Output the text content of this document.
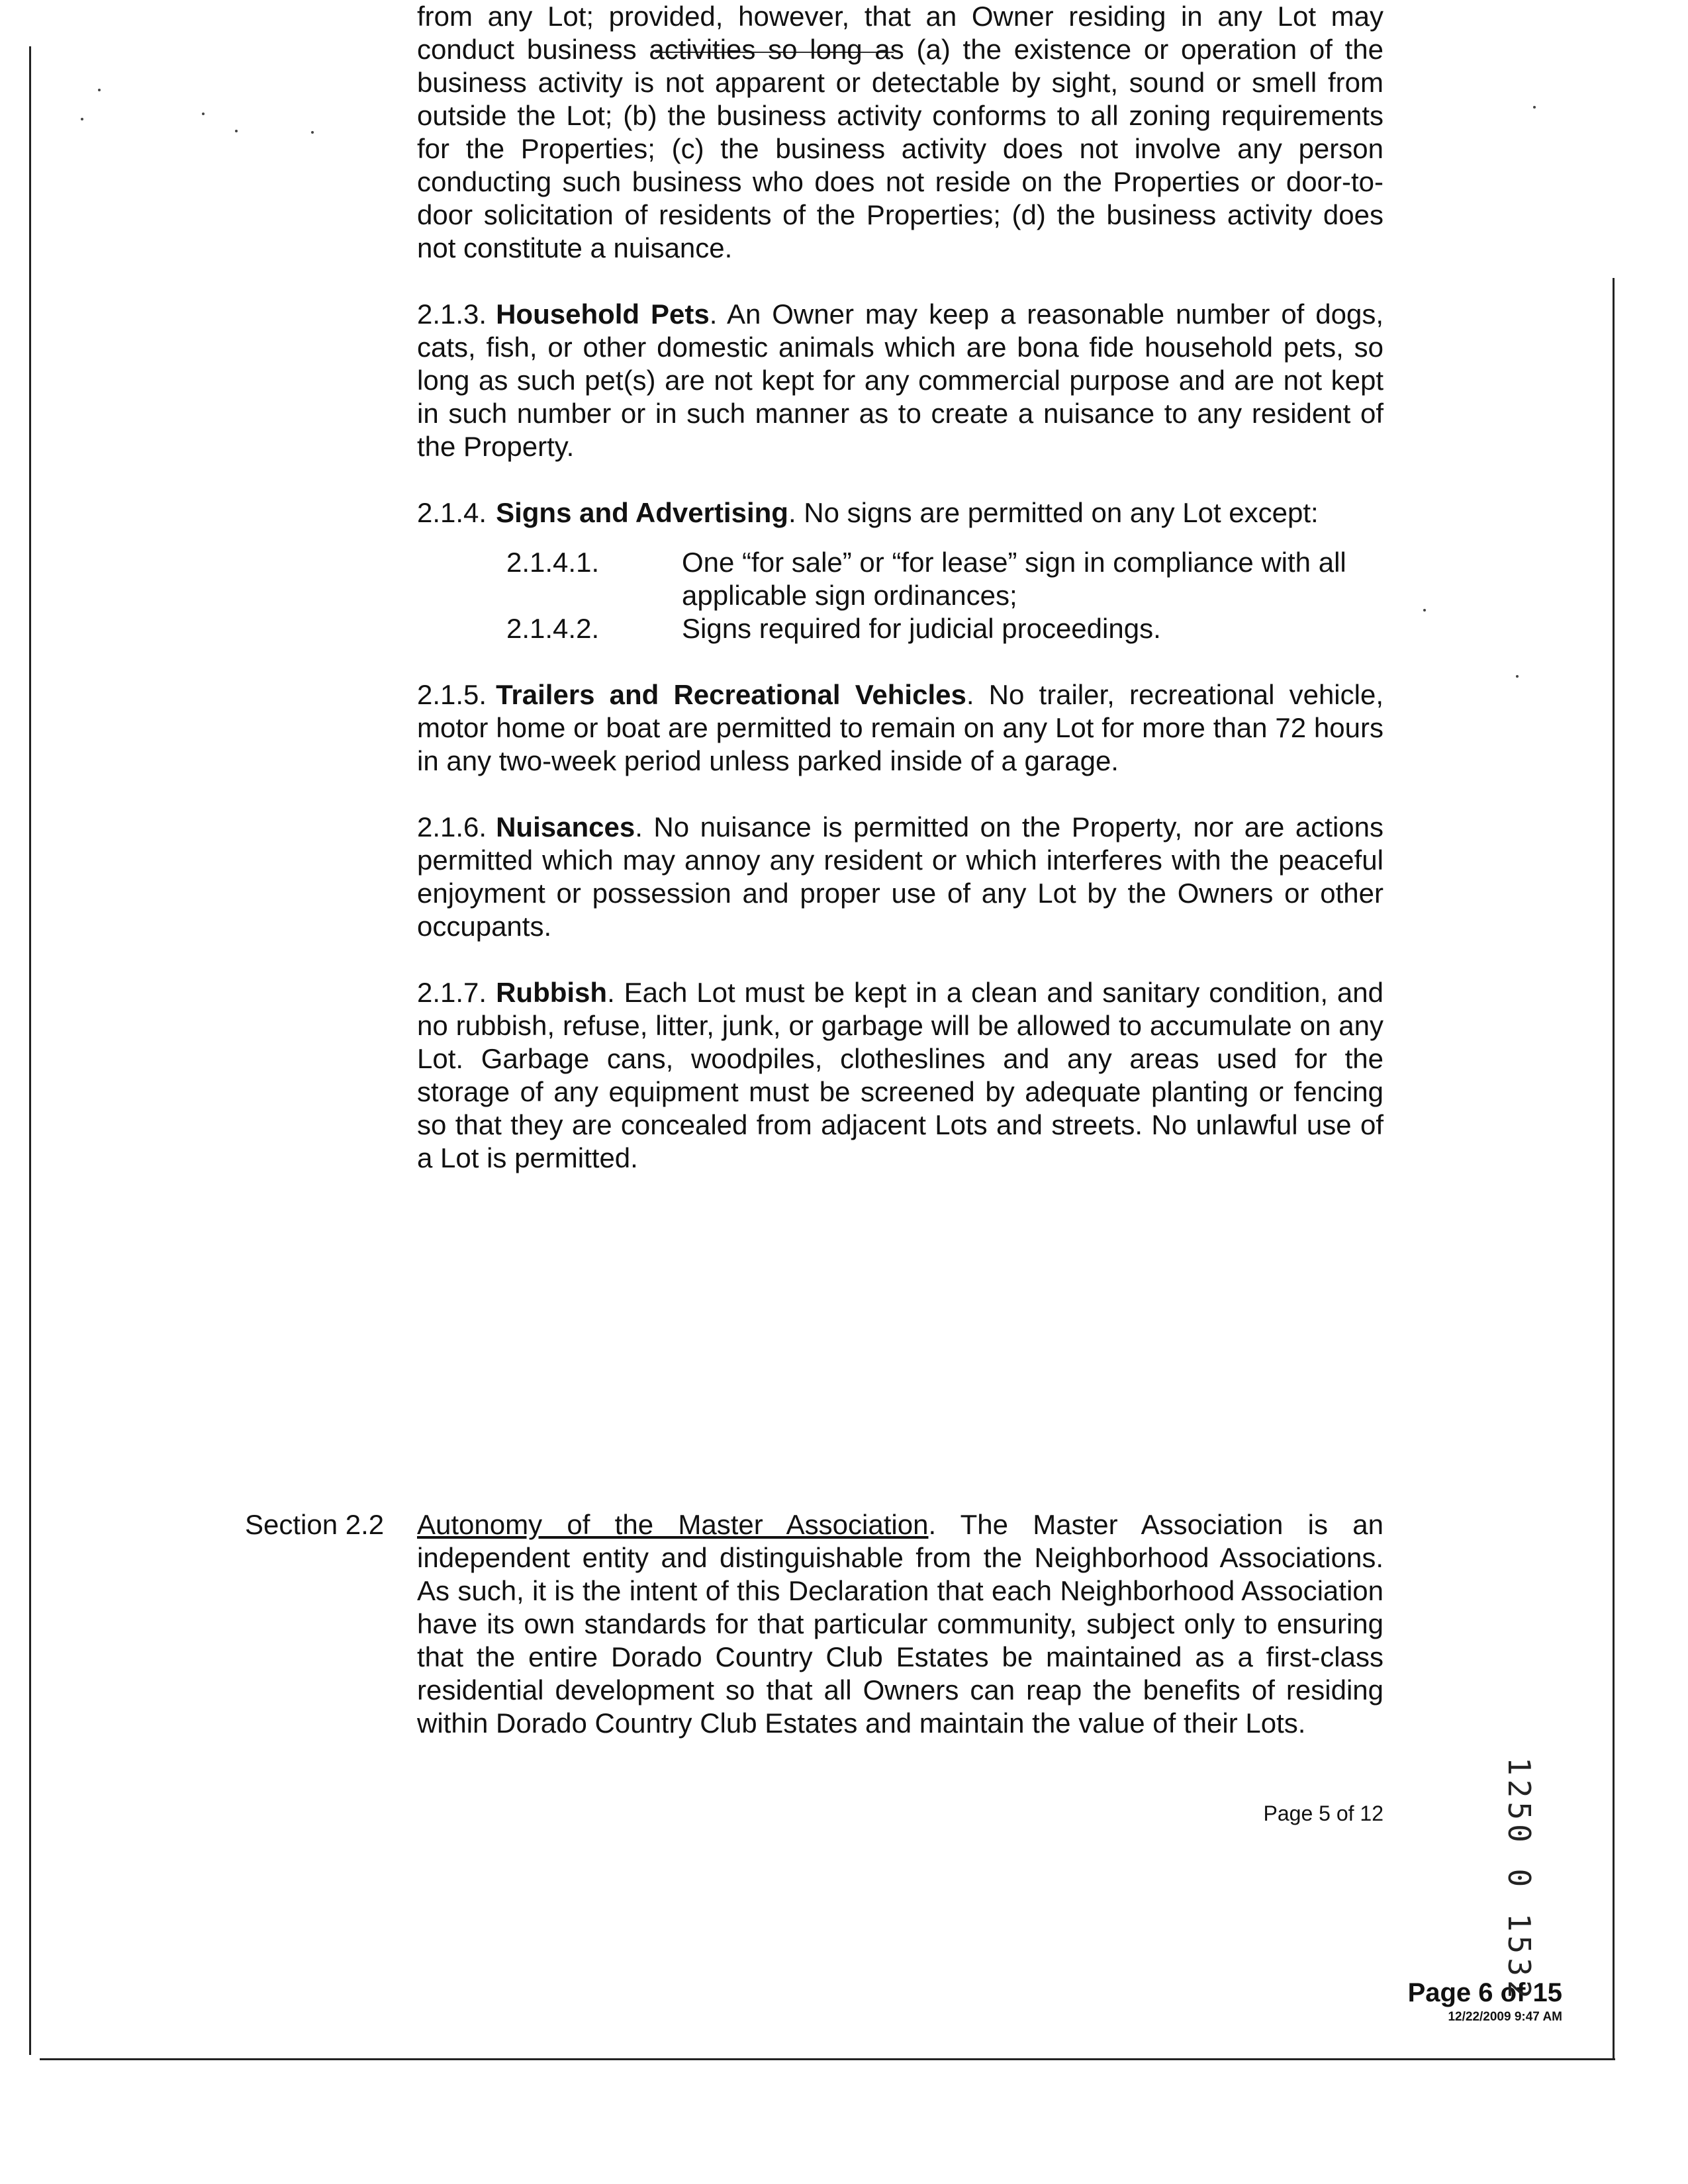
from any Lot; provided, however, that an Owner residing in any Lot may conduct business activities so long as (a) the existence or operation of the business activity is not apparent or detectable by sight, sound or smell from outside the Lot; (b) the business activity conforms to all zoning requirements for the Properties; (c) the business activity does not involve any person conducting such business who does not reside on the Properties or door-to-door solicitation of residents of the Properties; (d) the business activity does not constitute a nuisance.

2.1.3. Household Pets. An Owner may keep a reasonable number of dogs, cats, fish, or other domestic animals which are bona fide household pets, so long as such pet(s) are not kept for any commercial purpose and are not kept in such number or in such manner as to create a nuisance to any resident of the Property.

2.1.4. Signs and Advertising. No signs are permitted on any Lot except:

2.1.4.1.	One “for sale” or “for lease” sign in compliance with all applicable sign ordinances;
2.1.4.2.	Signs required for judicial proceedings.

2.1.5. Trailers and Recreational Vehicles. No trailer, recreational vehicle, motor home or boat are permitted to remain on any Lot for more than 72 hours in any two-week period unless parked inside of a garage.

2.1.6. Nuisances. No nuisance is permitted on the Property, nor are actions permitted which may annoy any resident or which interferes with the peaceful enjoyment or possession and proper use of any Lot by the Owners or other occupants.

2.1.7. Rubbish. Each Lot must be kept in a clean and sanitary condition, and no rubbish, refuse, litter, junk, or garbage will be allowed to accumulate on any Lot. Garbage cans, woodpiles, clotheslines and any areas used for the storage of any equipment must be screened by adequate planting or fencing so that they are concealed from adjacent Lots and streets. No unlawful use of a Lot is permitted.

Section 2.2 Autonomy of the Master Association. The Master Association is an independent entity and distinguishable from the Neighborhood Associations. As such, it is the intent of this Declaration that each Neighborhood Association have its own standards for that particular community, subject only to ensuring that the entire Dorado Country Club Estates be maintained as a first-class residential development so that all Owners can reap the benefits of residing within Dorado Country Club Estates and maintain the value of their Lots.
Page 5 of 12
Page 6 of 15
12/22/2009 9:47 AM
1250 0 1532
